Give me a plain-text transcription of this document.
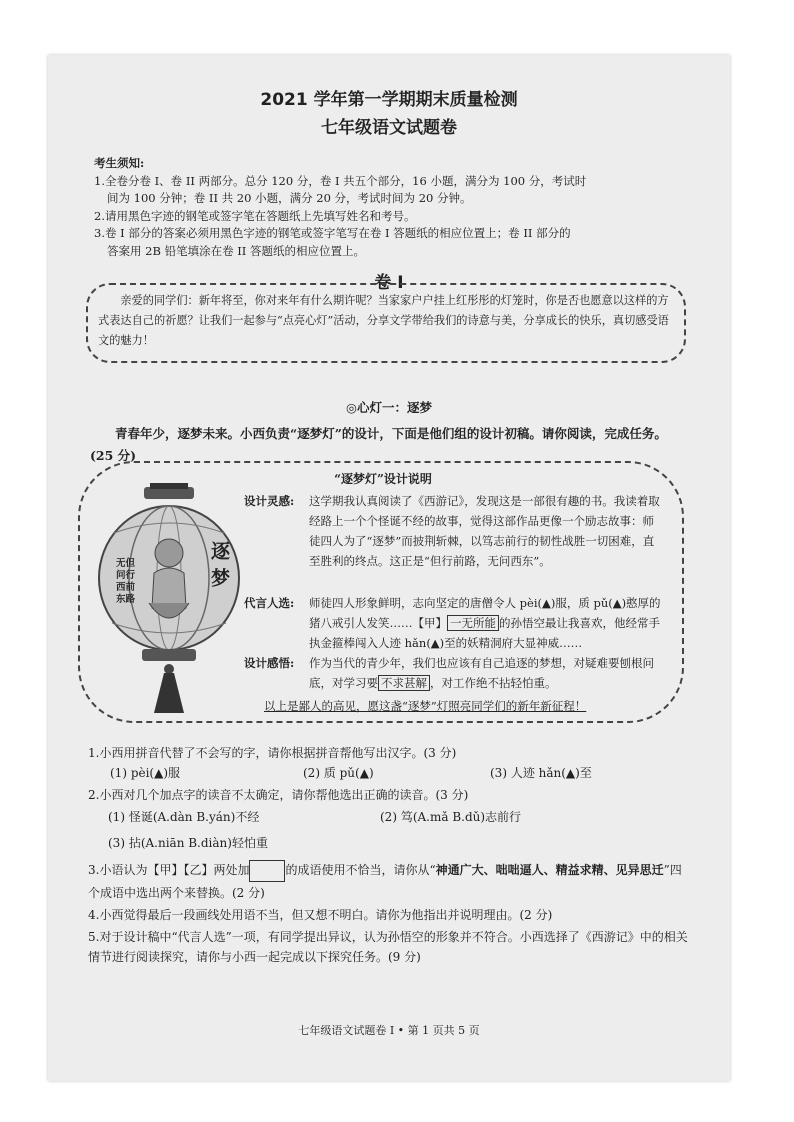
2021 学年第一学期期末质量检测
七年级语文试题卷
考生须知:
1.全卷分卷 I、卷 II 两部分。总分 120 分，卷 I 共五个部分，16 小题，满分为 100 分，考试时
间为 100 分钟；卷 II 共 20 小题，满分 20 分，考试时间为 20 分钟。
2.请用黑色字迹的钢笔或签字笔在答题纸上先填写姓名和考号。
3.卷 I 部分的答案必须用黑色字迹的钢笔或签字笔写在卷 I 答题纸的相应位置上；卷 II 部分的
答案用 2B 铅笔填涂在卷 II 答题纸的相应位置上。
卷 I
亲爱的同学们：新年将至，你对来年有什么期许呢？当家家户户挂上红彤彤的灯笼时，你是否也愿意以这样的方式表达自己的祈愿？让我们一起参与“点亮心灯”活动，分享文学带给我们的诗意与美，分享成长的快乐，真切感受语文的魅力！
◎心灯一：逐梦
青春年少，逐梦未来。小西负责“逐梦灯”的设计，下面是他们组的设计初稿。请你阅读，完成任务。(25 分)
“逐梦灯”设计说明
逐梦
无但
问行
西前
东路
设计灵感: 这学期我认真阅读了《西游记》，发现这是一部很有趣的书。我读着取经路上一个个怪诞不经的故事，觉得这部作品更像一个励志故事：师徒四人为了“逐梦”而披荆斩棘，以笃志前行的韧性战胜一切困难，直至胜利的终点。这正是“但行前路，无问西东”。
代言人选: 师徒四人形象鲜明，志向坚定的唐僧令人 pèi(▲)服，质 pǔ(▲)憨厚的猪八戒引人发笑……【甲】 一无所能 的孙悟空最让我喜欢，他经常手执金箍棒闯入人迹 hǎn(▲)至的妖精洞府大显神威……
设计感悟: 作为当代的青少年，我们也应该有自己追逐的梦想，对疑难要刨根问底，对学习要 不求甚解 ，对工作绝不拈轻怕重。
以上是鄙人的高见，愿这盏“逐梦”灯照亮同学们的新年新征程！
1.小西用拼音代替了不会写的字，请你根据拼音帮他写出汉字。(3 分)
(1) pèi(▲)服	(2) 质 pǔ(▲)	(3) 人迹 hǎn(▲)至
2.小西对几个加点字的读音不太确定，请你帮他选出正确的读音。(3 分)
(1) 怪诞(A.dàn B.yán)不经	(2) 笃(A.mǎ B.dǔ)志前行
(3) 拈(A.niān B.diàn)轻怕重
3.小语认为【甲】【乙】两处加	的成语使用不恰当，请你从“神通广大、咄咄逼人、精益求精、见异思迁”四个成语中选出两个来替换。(2 分)
4.小西觉得最后一段画线处用语不当，但又想不明白。请你为他指出并说明理由。(2 分)
5.对于设计稿中“代言人选”一项，有同学提出异议，认为孙悟空的形象并不符合。小西选择了《西游记》中的相关情节进行阅读探究，请你与小西一起完成以下探究任务。(9 分)
七年级语文试题卷 I • 第 1 页共 5 页
